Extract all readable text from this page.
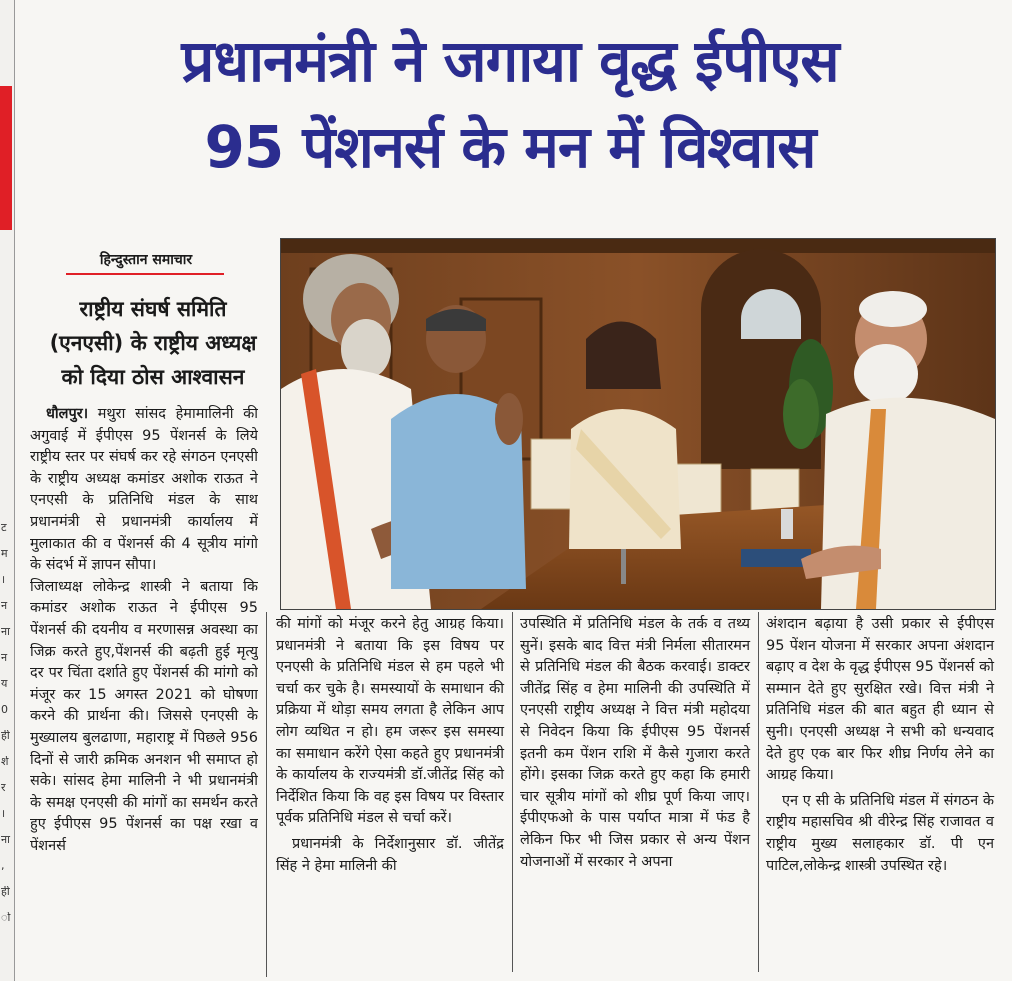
ट
म
।
न
ना
न
य
0
ही
र्श
र
।
ना
,
ही
ो
प्रधानमंत्री ने जगाया वृद्ध ईपीएस
95 पेंशनर्स के मन में विश्वास
हिन्दुस्तान समाचार
राष्ट्रीय संघर्ष समिति
(एनएसी) के राष्ट्रीय अध्यक्ष
को दिया ठोस आश्वासन

धौलपुर। मथुरा सांसद हेमामालिनी की अगुवाई में ईपीएस 95 पेंशनर्स के लिये राष्ट्रीय स्तर पर संघर्ष कर रहे संगठन एनएसी के राष्ट्रीय अध्यक्ष कमांडर अशोक राऊत ने एनएसी के प्रतिनिधि मंडल के साथ प्रधानमंत्री से प्रधानमंत्री कार्यालय में मुलाकात की व पेंशनर्स की 4 सूत्रीय मांगो के संदर्भ में ज्ञापन सौपा।

जिलाध्यक्ष लोकेन्द्र शास्त्री ने बताया कि कमांडर अशोक राऊत ने ईपीएस 95 पेंशनर्स की दयनीय व मरणासन्न अवस्था का जिक्र करते हुए,पेंशनर्स की बढ़ती हुई मृत्यु दर पर चिंता दर्शाते हुए पेंशनर्स की मांगो को मंजूर कर 15 अगस्त 2021 को घोषणा करने की प्रार्थना की। जिससे एनएसी के मुख्यालय बुलढाणा, महाराष्ट्र में पिछले 956 दिनों से जारी क्रमिक अनशन भी समाप्त हो सके। सांसद हेमा मालिनी ने भी प्रधानमंत्री के समक्ष एनएसी की मांगों का समर्थन करते हुए ईपीएस 95 पेंशनर्स का पक्ष रखा व पेंशनर्स

की मांगों को मंजूर करने हेतु आग्रह किया।प्रधानमंत्री ने बताया कि इस विषय पर एनएसी के प्रतिनिधि मंडल से हम पहले भी चर्चा कर चुके है। समस्यायों के समाधान की प्रक्रिया में थोड़ा समय लगता है लेकिन आप लोग व्यथित न हो। हम जरूर इस समस्या का समाधान करेंगे ऐसा कहते हुए प्रधानमंत्री के कार्यालय के राज्यमंत्री डॉ.जीतेंद्र सिंह को निर्देशित किया कि वह इस विषय पर विस्तार पूर्वक प्रतिनिधि मंडल से चर्चा करें।

प्रधानमंत्री के निर्देशानुसार डॉ. जीतेंद्र सिंह ने हेमा मालिनी की

उपस्थिति में प्रतिनिधि मंडल के तर्क व तथ्य सुनें। इसके बाद वित्त मंत्री निर्मला सीतारमन से प्रतिनिधि मंडल की बैठक करवाई। डाक्टर जीतेंद्र सिंह व हेमा मालिनी की उपस्थिति में एनएसी राष्ट्रीय अध्यक्ष ने वित्त मंत्री महोदया से निवेदन किया कि ईपीएस 95 पेंशनर्स इतनी कम पेंशन राशि में कैसे गुजारा करते होंगे। इसका जिक्र करते हुए कहा कि हमारी चार सूत्रीय मांगों को शीघ्र पूर्ण किया जाए। ईपीएफओ के पास पर्याप्त मात्रा में फंड है लेकिन फिर भी जिस प्रकार से अन्य पेंशन योजनाओं में सरकार ने अपना

अंशदान बढ़ाया है उसी प्रकार से ईपीएस 95 पेंशन योजना में सरकार अपना अंशदान बढ़ाए व देश के वृद्ध ईपीएस 95 पेंशनर्स को सम्मान देते हुए सुरक्षित रखे। वित्त मंत्री ने प्रतिनिधि मंडल की बात बहुत ही ध्यान से सुनी। एनएसी अध्यक्ष ने सभी को धन्यवाद देते हुए एक बार फिर शीघ्र निर्णय लेने का आग्रह किया।

एन ए सी के प्रतिनिधि मंडल में संगठन के राष्ट्रीय महासचिव श्री वीरेन्द्र सिंह राजावत व राष्ट्रीय मुख्य सलाहकार डॉ. पी एन पाटिल,लोकेन्द्र शास्त्री उपस्थित रहे।
